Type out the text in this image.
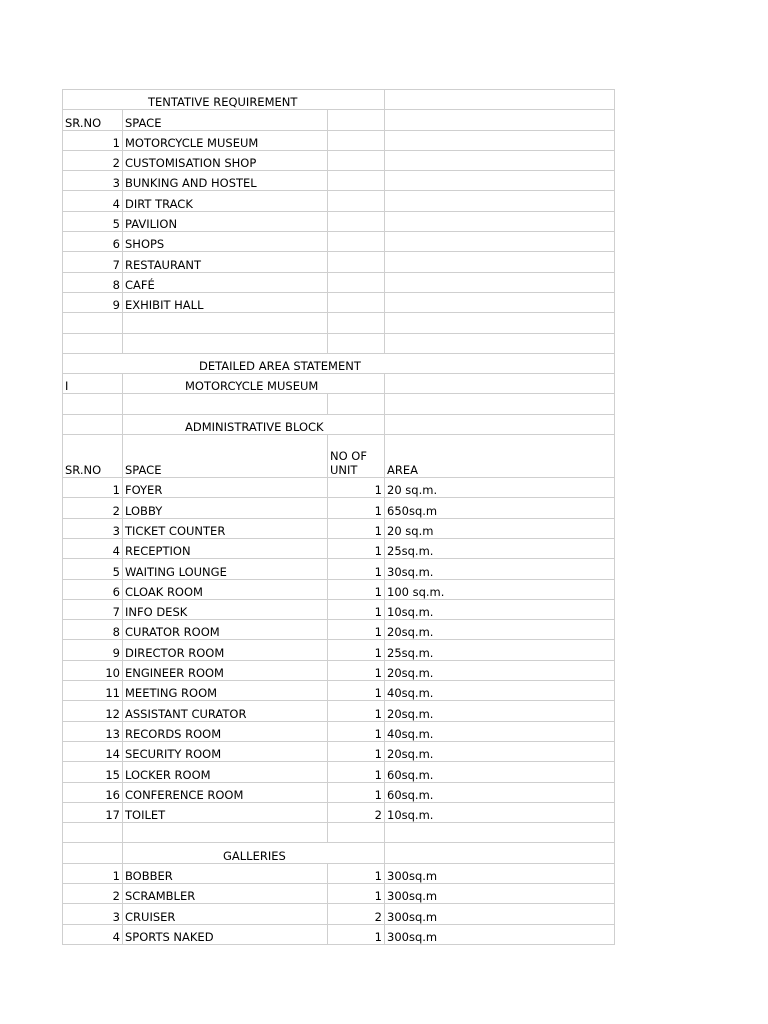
TENTATIVE REQUIREMENT			
SR.NO	SPACE		
1	MOTORCYCLE MUSEUM		
2	CUSTOMISATION SHOP		
3	BUNKING AND HOSTEL		
4	DIRT TRACK		
5	PAVILION		
6	SHOPS		
7	RESTAURANT		
8	CAFÉ		
9	EXHIBIT HALL		

DETAILED AREA STATEMENT			
I	MOTORCYCLE MUSEUM		

	ADMINISTRATIVE BLOCK		
SR.NO	SPACE	NO OF UNIT	AREA
1	FOYER	1	20 sq.m.
2	LOBBY	1	650sq.m
3	TICKET COUNTER	1	20 sq.m
4	RECEPTION	1	25sq.m.
5	WAITING LOUNGE	1	30sq.m.
6	CLOAK ROOM	1	100 sq.m.
7	INFO DESK	1	10sq.m.
8	CURATOR ROOM	1	20sq.m.
9	DIRECTOR ROOM	1	25sq.m.
10	ENGINEER ROOM	1	20sq.m.
11	MEETING ROOM	1	40sq.m.
12	ASSISTANT CURATOR	1	20sq.m.
13	RECORDS ROOM	1	40sq.m.
14	SECURITY ROOM	1	20sq.m.
15	LOCKER ROOM	1	60sq.m.
16	CONFERENCE ROOM	1	60sq.m.
17	TOILET	2	10sq.m.

	GALLERIES		
1	BOBBER	1	300sq.m
2	SCRAMBLER	1	300sq.m
3	CRUISER	2	300sq.m
4	SPORTS NAKED	1	300sq.m
